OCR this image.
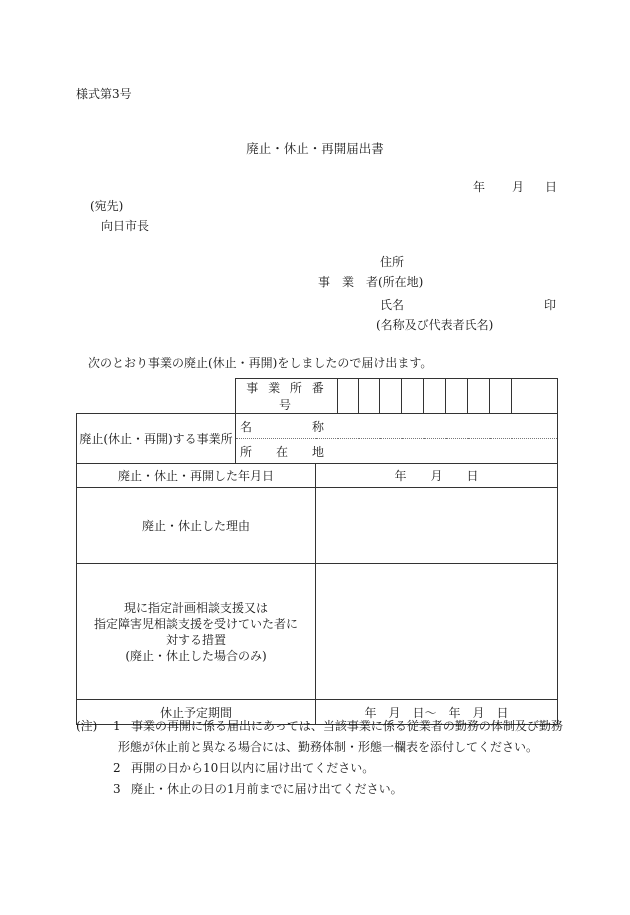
様式第3号
廃止・休止・再開届出書
年 月 日
(宛先)
向日市長
住所
事　業　者(所在地)
氏名	印
(名称及び代表者氏名)
次のとおり事業の廃止(休止・再開)をしましたので届け出ます。
	事 業 所 番 号										
廃止(休止・再開)する事業所	名　　　　　称										
	所　　在　　地										
廃止・休止・再開した年月日		年　　月　　日									
廃止・休止した理由											

現に指定計画相談支援又は
指定障害児相談支援を受けていた者に
対する措置
(廃止・休止した場合のみ)											

休止予定期間		年　月　日～　年　月　日									
(注) 1 事業の再開に係る届出にあっては、当該事業に係る従業者の勤務の体制及び勤務
形態が休止前と異なる場合には、勤務体制・形態一欄表を添付してください。
2 再開の日から10日以内に届け出てください。
3 廃止・休止の日の1月前までに届け出てください。
